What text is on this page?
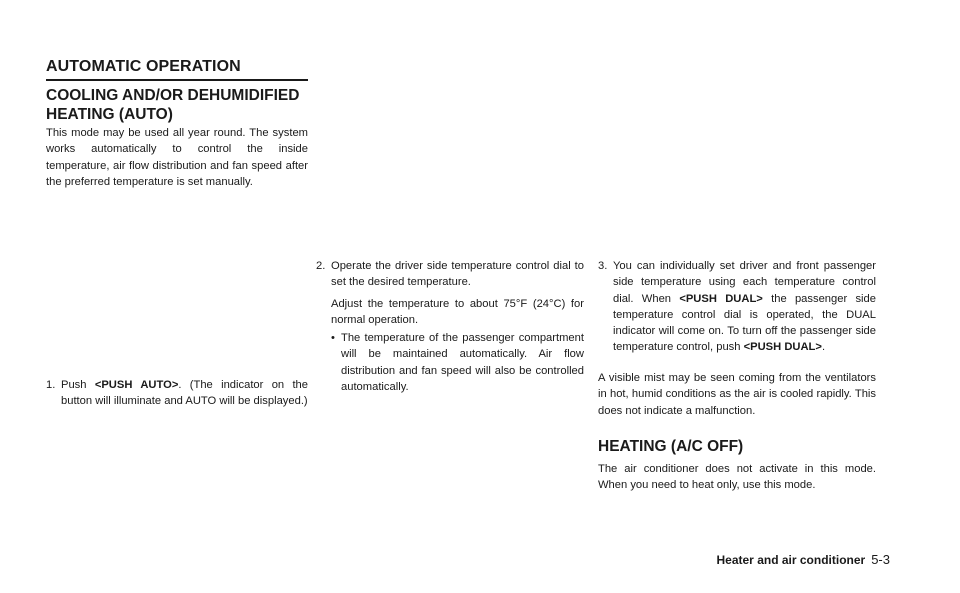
AUTOMATIC OPERATION
COOLING AND/OR DEHUMIDIFIED HEATING (AUTO)

This mode may be used all year round. The system works automatically to control the inside temperature, air flow distribution and fan speed after the preferred temperature is set manually.

1. Push <PUSH AUTO>. (The indicator on the button will illuminate and AUTO will be displayed.)
2. Operate the driver side temperature control dial to set the desired temperature.
Adjust the temperature to about 75°F (24°C) for normal operation.
• The temperature of the passenger compartment will be maintained automatically. Air flow distribution and fan speed will also be controlled automatically.
3. You can individually set driver and front passenger side temperature using each temperature control dial. When <PUSH DUAL> the passenger side temperature control dial is operated, the DUAL indicator will come on. To turn off the passenger side temperature control, push <PUSH DUAL>.

A visible mist may be seen coming from the ventilators in hot, humid conditions as the air is cooled rapidly. This does not indicate a malfunction.

HEATING (A/C OFF)

The air conditioner does not activate in this mode. When you need to heat only, use this mode.

Heater and air conditioner 5-3
